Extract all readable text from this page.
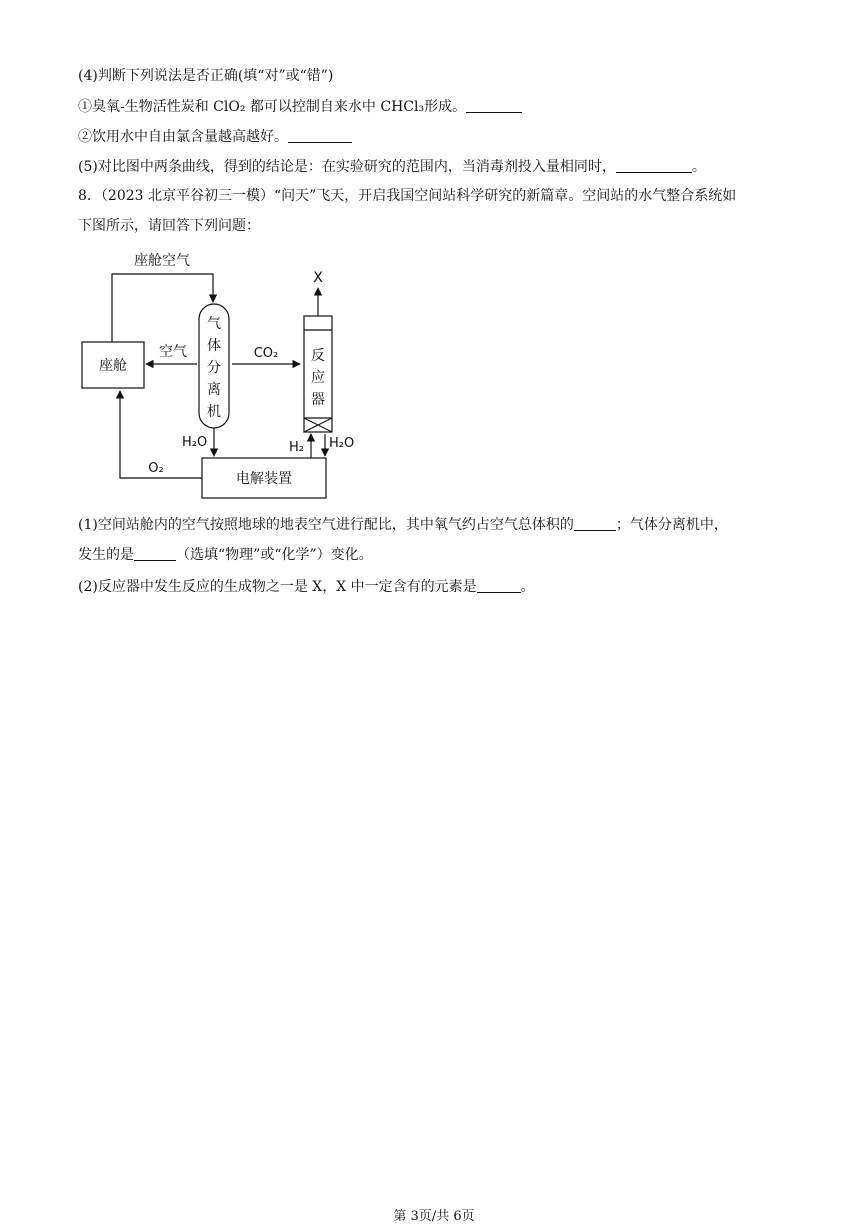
(4)判断下列说法是否正确(填“对”或“错”)
①臭氧-生物活性炭和 ClO₂ 都可以控制自来水中 CHCl₃形成。
②饮用水中自由氯含量越高越好。
(5)对比图中两条曲线，得到的结论是：在实验研究的范围内，当消毒剂投入量相同时，	。
8．（2023 北京平谷初三一模）“问天”飞天，开启我国空间站科学研究的新篇章。空间站的水气整合系统如
下图所示，请回答下列问题：
座舱空气
座舱
空气
气
体
分
离
机
CO₂ 反
应
器
X
H₂O	H₂ H₂O
电解装置
O₂
(1)空间站舱内的空气按照地球的地表空气进行配比，其中氧气约占空气总体积的	；气体分离机中，
发生的是	（选填“物理”或“化学”）变化。
(2)反应器中发生反应的生成物之一是 X，X 中一定含有的元素是	。
第 3页/共 6页
